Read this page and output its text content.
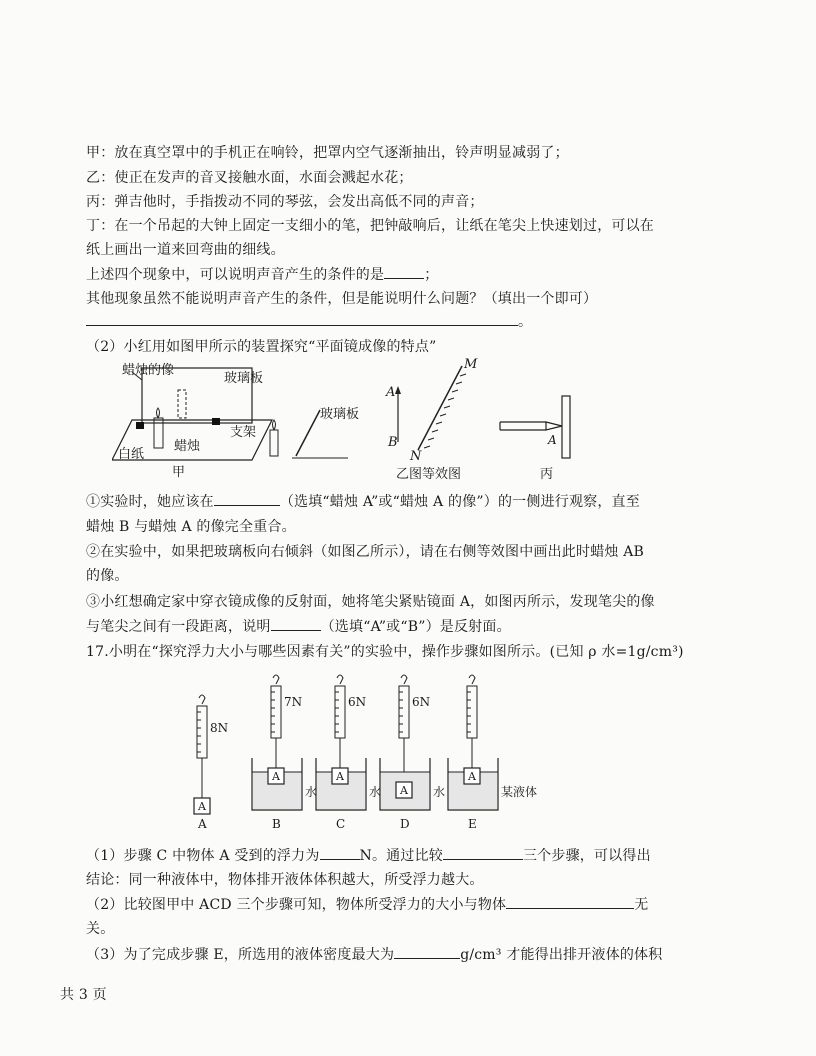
甲：放在真空罩中的手机正在响铃，把罩内空气逐渐抽出，铃声明显减弱了；
乙：使正在发声的音叉接触水面，水面会溅起水花；
丙：弹吉他时，手指拨动不同的琴弦，会发出高低不同的声音；
丁：在一个吊起的大钟上固定一支细小的笔，把钟敲响后，让纸在笔尖上快速划过，可以在
纸上画出一道来回弯曲的细线。
上述四个现象中，可以说明声音产生的条件的是	；
其他现象虽然不能说明声音产生的条件，但是能说明什么问题？（填出一个即可）
。
（2）小红用如图甲所示的装置探究“平面镜成像的特点”
蜡烛的像
玻璃板
支架
蜡烛
白纸
甲
玻璃板
A
B
M
N
乙图等效图
A
丙
①实验时，她应该在	（选填“蜡烛 A”或“蜡烛 A 的像”）的一侧进行观察，直至
蜡烛 B 与蜡烛 A 的像完全重合。
②在实验中，如果把玻璃板向右倾斜（如图乙所示），请在右侧等效图中画出此时蜡烛 AB
的像。
③小红想确定家中穿衣镜成像的反射面，她将笔尖紧贴镜面 A，如图丙所示，发现笔尖的像
与笔尖之间有一段距离，说明	（选填“A”或“B”）是反射面。
17.小明在“探究浮力大小与哪些因素有关”的实验中，操作步骤如图所示。(已知 ρ 水=1g/cm³)
8N
A
A
7N
水
A
B
6N
水
A
C
6N
水
A
D
某液体
A
E
（1）步骤 C 中物体 A 受到的浮力为	N。通过比较	三个步骤，可以得出
结论：同一种液体中，物体排开液体体积越大，所受浮力越大。
（2）比较图甲中 ACD 三个步骤可知，物体所受浮力的大小与物体	无
关。
（3）为了完成步骤 E，所选用的液体密度最大为	g/cm³ 才能得出排开液体的体积
共 3 页
